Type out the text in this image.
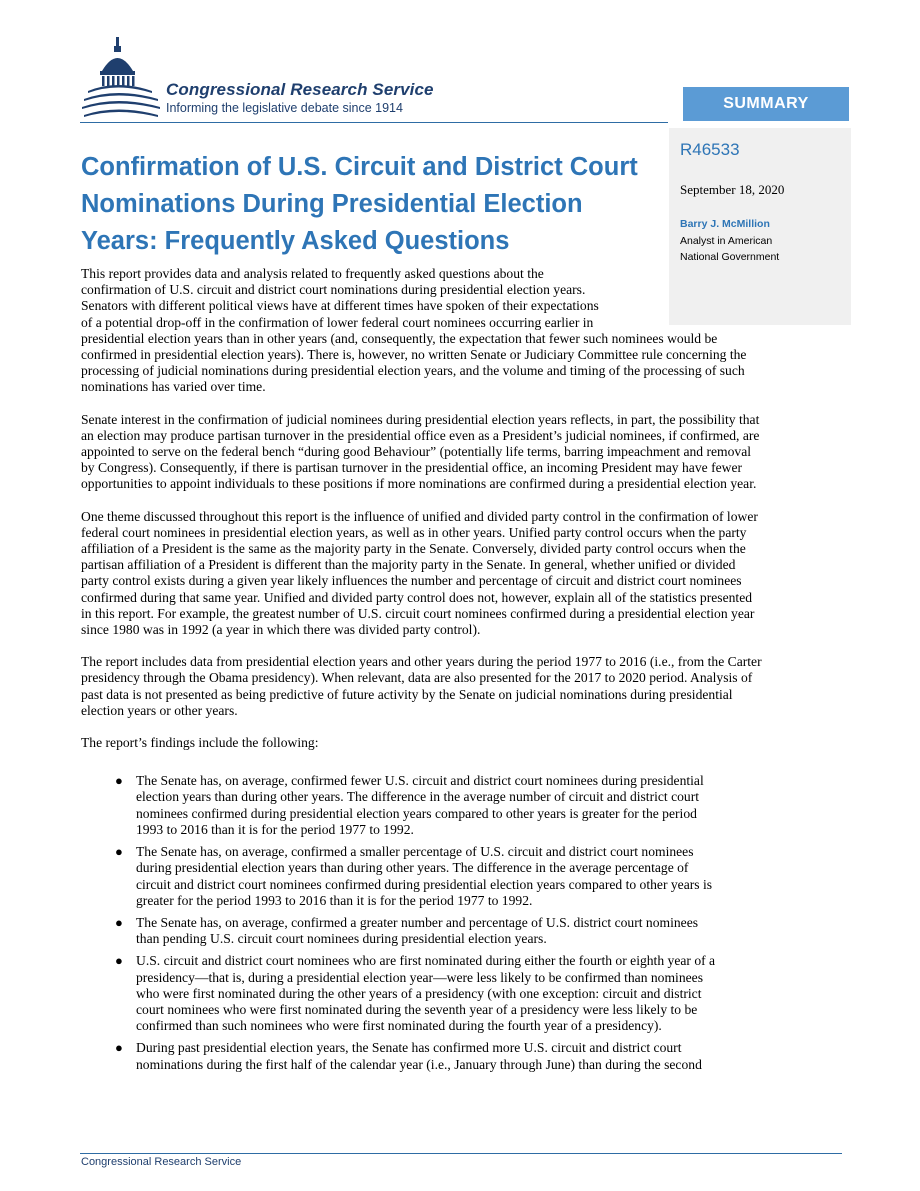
Congressional Research Service
Informing the legislative debate since 1914	SUMMARY
R46533
September 18, 2020
Barry J. McMillion
Analyst in American
National Government
Confirmation of U.S. Circuit and District Court
Nominations During Presidential Election
Years: Frequently Asked Questions

This report provides data and analysis related to frequently asked questions about the
confirmation of U.S. circuit and district court nominations during presidential election years.
Senators with different political views have at different times have spoken of their expectations
of a potential drop-off in the confirmation of lower federal court nominees occurring earlier in
presidential election years than in other years (and, consequently, the expectation that fewer such nominees would be
confirmed in presidential election years). There is, however, no written Senate or Judiciary Committee rule concerning the
processing of judicial nominations during presidential election years, and the volume and timing of the processing of such
nominations has varied over time.

Senate interest in the confirmation of judicial nominees during presidential election years reflects, in part, the possibility that
an election may produce partisan turnover in the presidential office even as a President’s judicial nominees, if confirmed, are
appointed to serve on the federal bench “during good Behaviour” (potentially life terms, barring impeachment and removal
by Congress). Consequently, if there is partisan turnover in the presidential office, an incoming President may have fewer
opportunities to appoint individuals to these positions if more nominations are confirmed during a presidential election year.

One theme discussed throughout this report is the influence of unified and divided party control in the confirmation of lower
federal court nominees in presidential election years, as well as in other years. Unified party control occurs when the party
affiliation of a President is the same as the majority party in the Senate. Conversely, divided party control occurs when the
partisan affiliation of a President is different than the majority party in the Senate. In general, whether unified or divided
party control exists during a given year likely influences the number and percentage of circuit and district court nominees
confirmed during that same year. Unified and divided party control does not, however, explain all of the statistics presented
in this report. For example, the greatest number of U.S. circuit court nominees confirmed during a presidential election year
since 1980 was in 1992 (a year in which there was divided party control).

The report includes data from presidential election years and other years during the period 1977 to 2016 (i.e., from the Carter
presidency through the Obama presidency). When relevant, data are also presented for the 2017 to 2020 period. Analysis of
past data is not presented as being predictive of future activity by the Senate on judicial nominations during presidential
election years or other years.

The report’s findings include the following:

● The Senate has, on average, confirmed fewer U.S. circuit and district court nominees during presidential
election years than during other years. The difference in the average number of circuit and district court
nominees confirmed during presidential election years compared to other years is greater for the period
1993 to 2016 than it is for the period 1977 to 1992.
● The Senate has, on average, confirmed a smaller percentage of U.S. circuit and district court nominees
during presidential election years than during other years. The difference in the average percentage of
circuit and district court nominees confirmed during presidential election years compared to other years is
greater for the period 1993 to 2016 than it is for the period 1977 to 1992.
● The Senate has, on average, confirmed a greater number and percentage of U.S. district court nominees
than pending U.S. circuit court nominees during presidential election years.
● U.S. circuit and district court nominees who are first nominated during either the fourth or eighth year of a
presidency—that is, during a presidential election year—were less likely to be confirmed than nominees
who were first nominated during the other years of a presidency (with one exception: circuit and district
court nominees who were first nominated during the seventh year of a presidency were less likely to be
confirmed than such nominees who were first nominated during the fourth year of a presidency).
● During past presidential election years, the Senate has confirmed more U.S. circuit and district court
nominations during the first half of the calendar year (i.e., January through June) than during the second
Congressional Research Service
